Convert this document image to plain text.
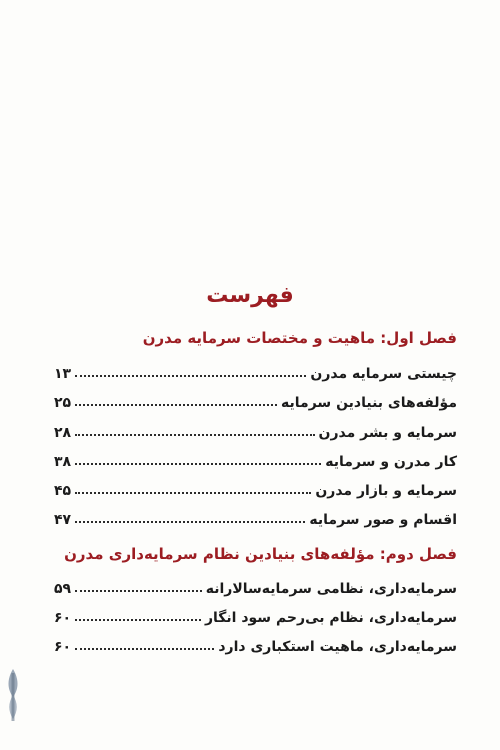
فهرست
فصل اول: ماهیت و مختصات سرمایه مدرن
چیستی سرمایه مدرن
۱۳
مؤلفه‌های بنیادین سرمایه
۲۵
سرمایه و بشر مدرن
۲۸
کار مدرن و سرمایه
۳۸
سرمایه و بازار مدرن
۴۵
اقسام و صور سرمایه
۴۷
فصل دوم: مؤلفه‌های بنیادین نظام سرمایه‌داری مدرن
سرمایه‌داری، نظامی سرمایه‌سالارانه
۵۹
سرمایه‌داری، نظام بی‌رحم سود انگار
۶۰
سرمایه‌داری، ماهیت استکباری دارد
۶۰
